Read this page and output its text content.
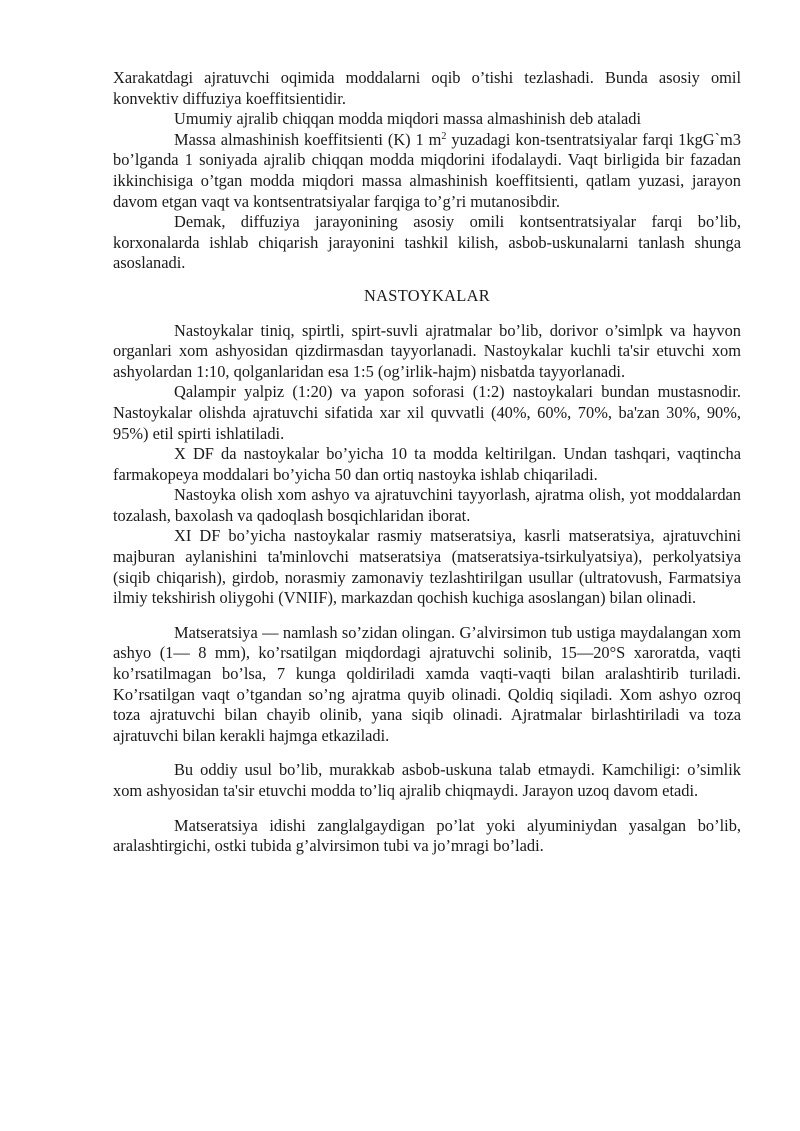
Xarakatdagi ajratuvchi oqimida moddalarni oqib o’tishi tezlashadi. Bunda asosiy omil konvektiv diffuziya koeffitsientidir.

Umumiy ajralib chiqqan modda miqdori massa almashinish deb ataladi

Massa almashinish koeffitsienti (K) 1 $m^2$ yuzadagi kon-tsentratsiyalar farqi 1kgG`m3 bo’lganda 1 soniyada ajralib chiqqan modda miqdorini ifodalaydi. Vaqt birligida bir fazadan ikkinchisiga o’tgan modda miqdori massa almashinish koeffitsienti, qatlam yuzasi, jarayon davom etgan vaqt va kontsentratsiyalar farqiga to’g’ri mutanosibdir.

Demak, diffuziya jarayonining asosiy omili kontsentratsiyalar farqi bo’lib, korxonalarda ishlab chiqarish jarayonini tashkil kilish, asbob-uskunalarni tanlash shunga asoslanadi.

NASTOYKALAR

Nastoykalar tiniq, spirtli, spirt-suvli ajratmalar bo’lib, dorivor o’simlpk va hayvon organlari xom ashyosidan qizdirmasdan tayyorlanadi. Nastoykalar kuchli ta'sir etuvchi xom ashyolardan 1:10, qolganlaridan esa 1:5 (og’irlik-hajm) nisbatda tayyorlanadi.

Qalampir yalpiz (1:20) va yapon soforasi (1:2) nastoykalari bundan mustasnodir. Nastoykalar olishda ajratuvchi sifatida xar xil quvvatli (40%, 60%, 70%, ba'zan 30%, 90%, 95%) etil spirti ishlatiladi.

X DF da nastoykalar bo’yicha 10 ta modda keltirilgan. Undan tashqari, vaqtincha farmakopeya moddalari bo’yicha 50 dan ortiq nastoyka ishlab chiqariladi.

Nastoyka olish xom ashyo va ajratuvchini tayyorlash, ajratma olish, yot moddalardan tozalash, baxolash va qadoqlash bosqichlaridan iborat.

XI DF bo’yicha nastoykalar rasmiy matseratsiya, kasrli matseratsiya, ajratuvchini majburan aylanishini ta'minlovchi matseratsiya (matseratsiya-tsirkulyatsiya), perkolyatsiya (siqib chiqarish), girdob, norasmiy zamonaviy tezlashtirilgan usullar (ultratovush, Farmatsiya ilmiy tekshirish oliygohi (VNIIF), markazdan qochish kuchiga asoslangan) bilan olinadi.

Matseratsiya — namlash so’zidan olingan. G’alvirsimon tub ustiga maydalangan xom ashyo (1— 8 mm), ko’rsatilgan miqdordagi ajratuvchi solinib, 15—20°S xaroratda, vaqti ko’rsatilmagan bo’lsa, 7 kunga qoldiriladi xamda vaqti-vaqti bilan aralashtirib turiladi. Ko’rsatilgan vaqt o’tgandan so’ng ajratma quyib olinadi. Qoldiq siqiladi. Xom ashyo ozroq toza ajratuvchi bilan chayib olinib, yana siqib olinadi. Ajratmalar birlashtiriladi va toza ajratuvchi bilan kerakli hajmga etkaziladi.

Bu oddiy usul bo’lib, murakkab asbob-uskuna talab etmaydi. Kamchiligi: o’simlik xom ashyosidan ta'sir etuvchi modda to’liq ajralib chiqmaydi. Jarayon uzoq davom etadi.

Matseratsiya idishi zanglalgaydigan po’lat yoki alyuminiydan yasalgan bo’lib, aralashtirgichi, ostki tubida g’alvirsimon tubi va jo’mragi bo’ladi.
